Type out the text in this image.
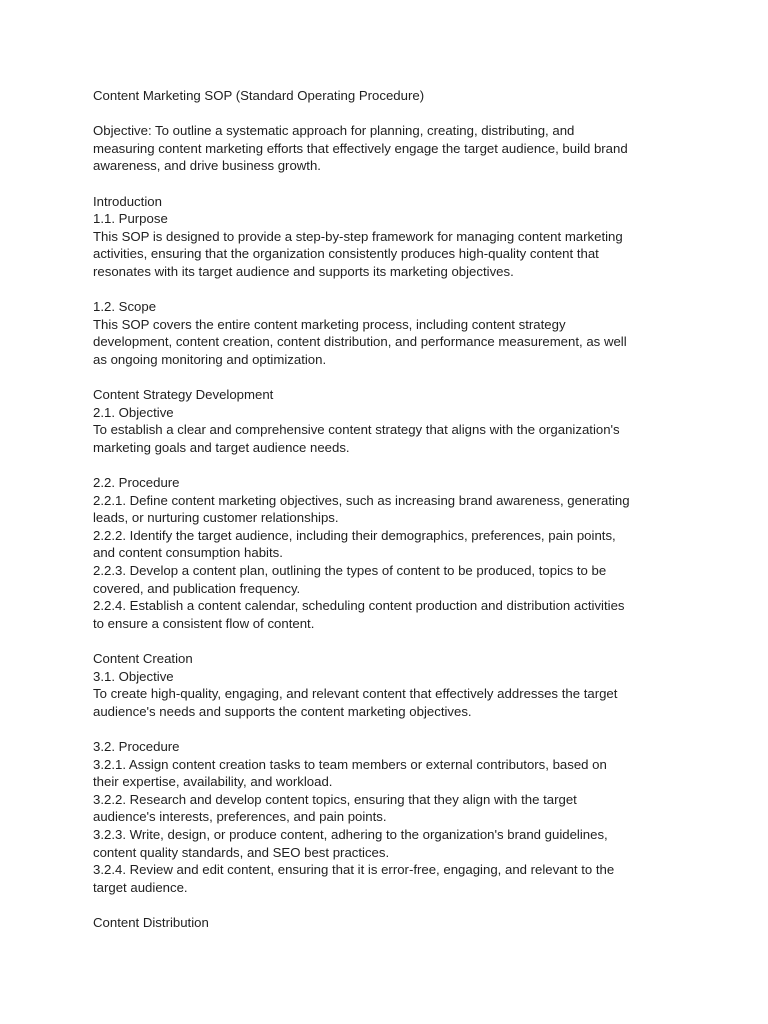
Content Marketing SOP (Standard Operating Procedure)
Objective: To outline a systematic approach for planning, creating, distributing, and
measuring content marketing efforts that effectively engage the target audience, build brand
awareness, and drive business growth.
Introduction
1.1. Purpose
This SOP is designed to provide a step-by-step framework for managing content marketing
activities, ensuring that the organization consistently produces high-quality content that
resonates with its target audience and supports its marketing objectives.
1.2. Scope
This SOP covers the entire content marketing process, including content strategy
development, content creation, content distribution, and performance measurement, as well
as ongoing monitoring and optimization.
Content Strategy Development
2.1. Objective
To establish a clear and comprehensive content strategy that aligns with the organization's
marketing goals and target audience needs.
2.2. Procedure
2.2.1. Define content marketing objectives, such as increasing brand awareness, generating
leads, or nurturing customer relationships.
2.2.2. Identify the target audience, including their demographics, preferences, pain points,
and content consumption habits.
2.2.3. Develop a content plan, outlining the types of content to be produced, topics to be
covered, and publication frequency.
2.2.4. Establish a content calendar, scheduling content production and distribution activities
to ensure a consistent flow of content.
Content Creation
3.1. Objective
To create high-quality, engaging, and relevant content that effectively addresses the target
audience's needs and supports the content marketing objectives.
3.2. Procedure
3.2.1. Assign content creation tasks to team members or external contributors, based on
their expertise, availability, and workload.
3.2.2. Research and develop content topics, ensuring that they align with the target
audience's interests, preferences, and pain points.
3.2.3. Write, design, or produce content, adhering to the organization's brand guidelines,
content quality standards, and SEO best practices.
3.2.4. Review and edit content, ensuring that it is error-free, engaging, and relevant to the
target audience.
Content Distribution
